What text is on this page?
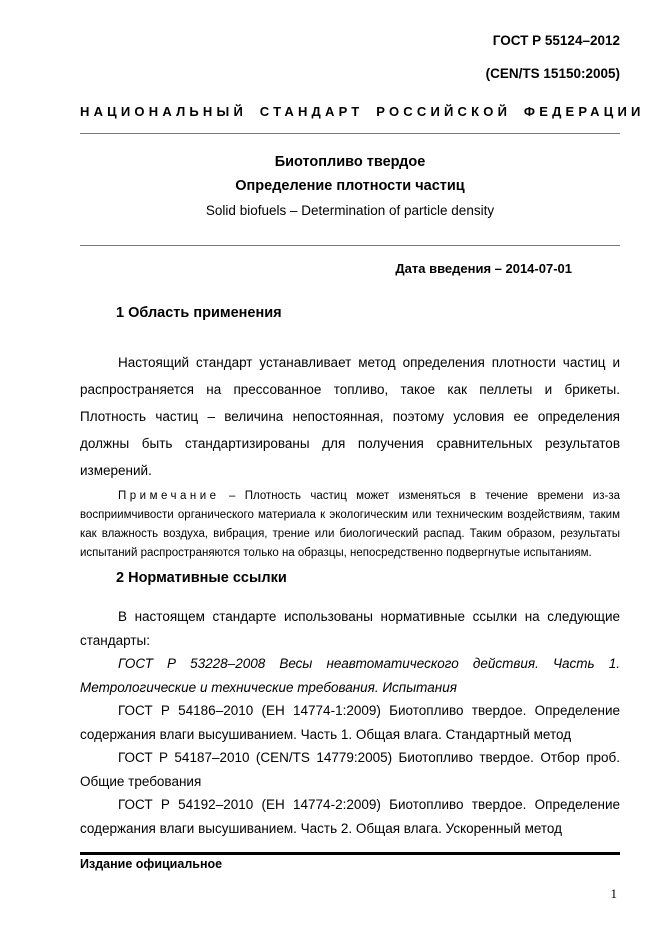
ГОСТ Р 55124–2012
(CEN/TS 15150:2005)
НАЦИОНАЛЬНЫЙ СТАНДАРТ РОССИЙСКОЙ ФЕДЕРАЦИИ
Биотопливо твердое
Определение плотности частиц
Solid biofuels – Determination of particle density
Дата введения – 2014-07-01
1 Область применения

Настоящий стандарт устанавливает метод определения плотности частиц и распространяется на прессованное топливо, такое как пеллеты и брикеты. Плотность частиц – величина непостоянная, поэтому условия ее определения должны быть стандартизированы для получения сравнительных результатов измерений.

Примечание – Плотность частиц может изменяться в течение времени из-за восприимчивости органического материала к экологическим или техническим воздействиям, таким как влажность воздуха, вибрация, трение или биологический распад. Таким образом, результаты испытаний распространяются только на образцы, непосредственно подвергнутые испытаниям.

2 Нормативные ссылки

В настоящем стандарте использованы нормативные ссылки на следующие стандарты:

ГОСТ Р 53228–2008 Весы неавтоматического действия. Часть 1. Метрологические и технические требования. Испытания

ГОСТ Р 54186–2010 (ЕН 14774-1:2009) Биотопливо твердое. Определение содержания влаги высушиванием. Часть 1. Общая влага. Стандартный метод

ГОСТ Р 54187–2010 (CEN/TS 14779:2005) Биотопливо твердое. Отбор проб. Общие требования

ГОСТ Р 54192–2010 (ЕН 14774-2:2009) Биотопливо твердое. Определение содержания влаги высушиванием. Часть 2. Общая влага. Ускоренный метод

Издание официальное
1
